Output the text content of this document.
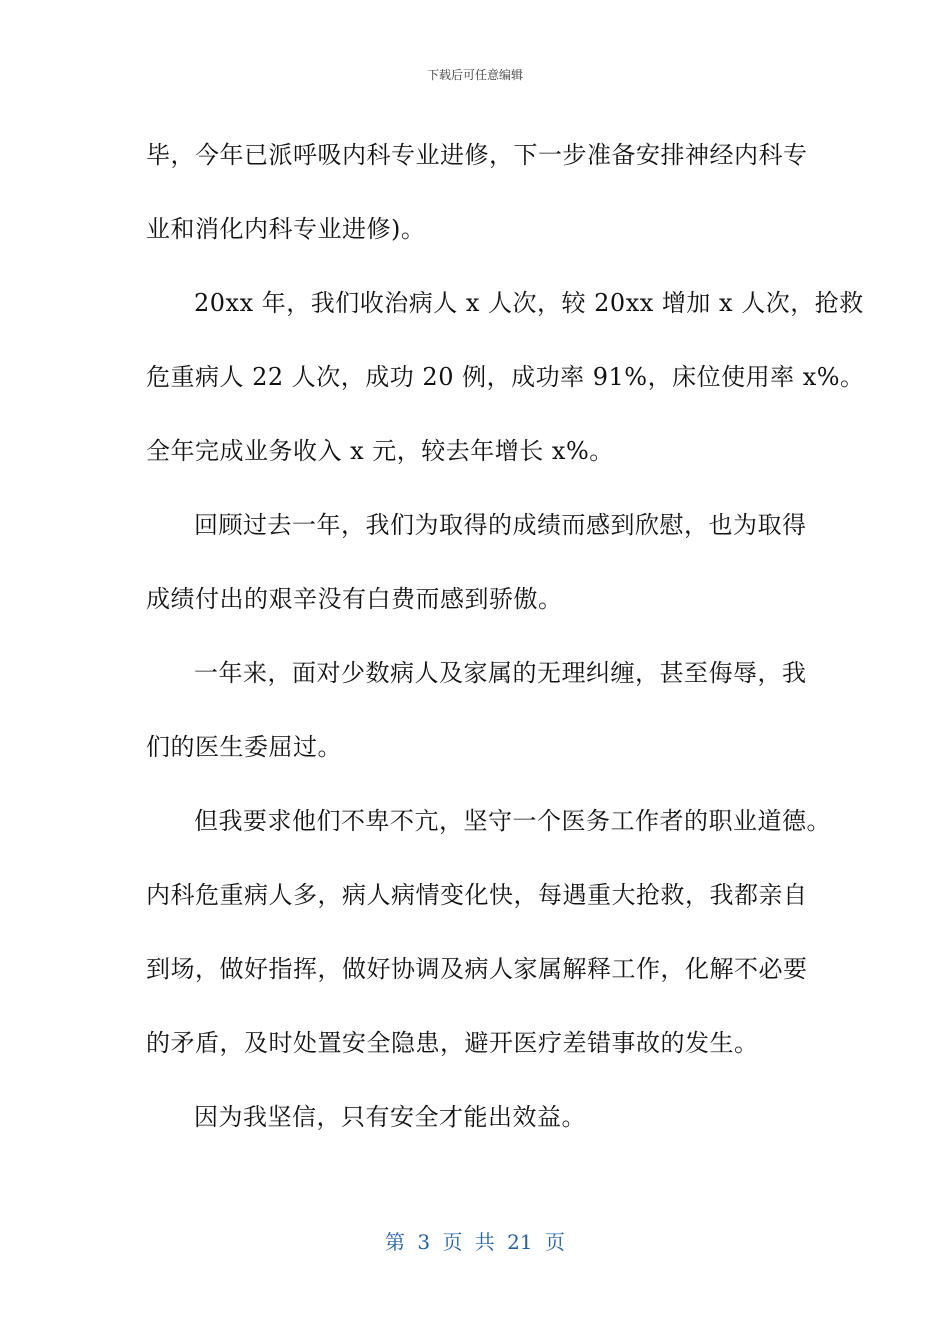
下载后可任意编辑
毕，今年已派呼吸内科专业进修，下一步准备安排神经内科专
业和消化内科专业进修)。
20xx 年，我们收治病人 x 人次，较 20xx 增加 x 人次，抢救
危重病人 22 人次，成功 20 例，成功率 91%，床位使用率 x%。
全年完成业务收入 x 元，较去年增长 x%。
回顾过去一年，我们为取得的成绩而感到欣慰，也为取得
成绩付出的艰辛没有白费而感到骄傲。
一年来，面对少数病人及家属的无理纠缠，甚至侮辱，我
们的医生委屈过。
但我要求他们不卑不亢，坚守一个医务工作者的职业道德。
内科危重病人多，病人病情变化快，每遇重大抢救，我都亲自
到场，做好指挥，做好协调及病人家属解释工作，化解不必要
的矛盾，及时处置安全隐患，避开医疗差错事故的发生。
因为我坚信，只有安全才能出效益。
第 3 页 共 21 页
